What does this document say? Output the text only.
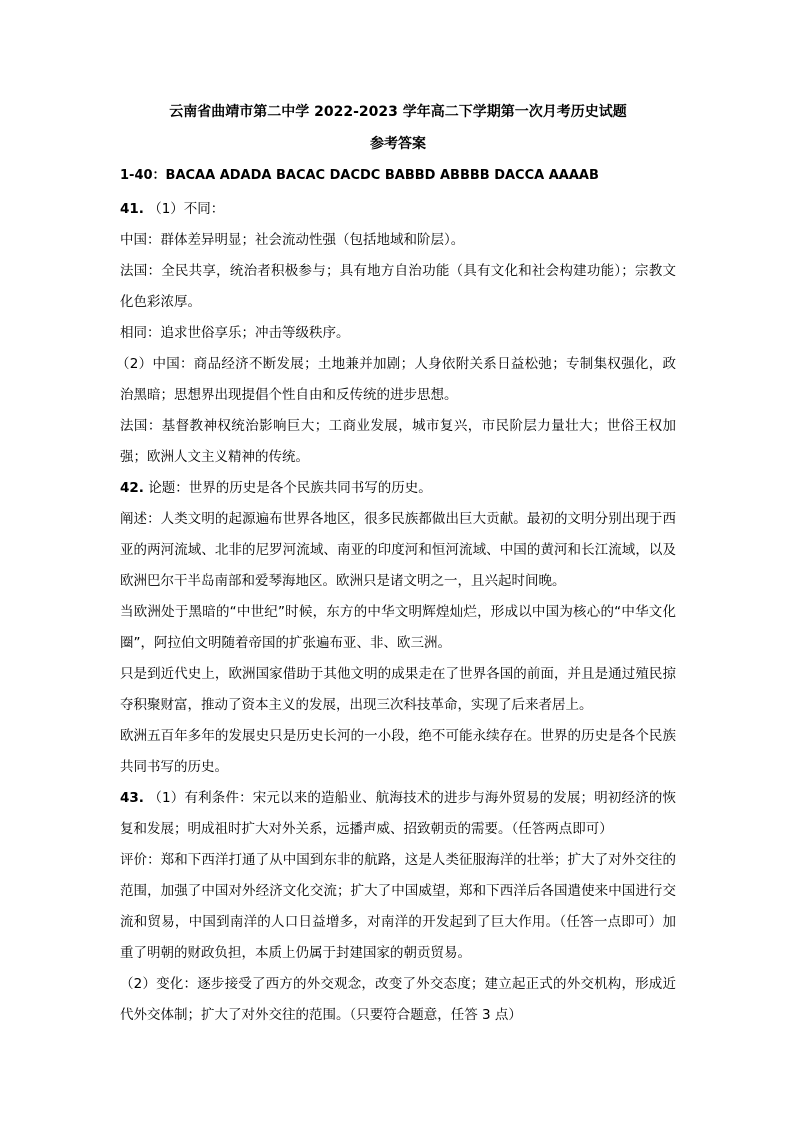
云南省曲靖市第二中学 2022-2023 学年高二下学期第一次月考历史试题
参考答案
1-40：BACAA ADADA BACAC DACDC BABBD ABBBB DACCA AAAAB
41. （1）不同：
中国：群体差异明显；社会流动性强（包括地域和阶层）。
法国：全民共享，统治者积极参与；具有地方自治功能（具有文化和社会构建功能）；宗教文化色彩浓厚。
相同：追求世俗享乐；冲击等级秩序。
（2）中国：商品经济不断发展；土地兼并加剧；人身依附关系日益松弛；专制集权强化，政治黑暗；思想界出现提倡个性自由和反传统的进步思想。
法国：基督教神权统治影响巨大；工商业发展，城市复兴，市民阶层力量壮大；世俗王权加强；欧洲人文主义精神的传统。
42. 论题：世界的历史是各个民族共同书写的历史。
阐述：人类文明的起源遍布世界各地区，很多民族都做出巨大贡献。最初的文明分别出现于西亚的两河流域、北非的尼罗河流域、南亚的印度河和恒河流域、中国的黄河和长江流域，以及欧洲巴尔干半岛南部和爱琴海地区。欧洲只是诸文明之一，且兴起时间晚。
当欧洲处于黑暗的“中世纪”时候，东方的中华文明辉煌灿烂，形成以中国为核心的“中华文化圈”，阿拉伯文明随着帝国的扩张遍布亚、非、欧三洲。
只是到近代史上，欧洲国家借助于其他文明的成果走在了世界各国的前面，并且是通过殖民掠夺积聚财富，推动了资本主义的发展，出现三次科技革命，实现了后来者居上。
欧洲五百年多年的发展史只是历史长河的一小段，绝不可能永续存在。世界的历史是各个民族共同书写的历史。
43. （1）有利条件：宋元以来的造船业、航海技术的进步与海外贸易的发展；明初经济的恢复和发展；明成祖时扩大对外关系，远播声威、招致朝贡的需要。（任答两点即可）
评价：郑和下西洋打通了从中国到东非的航路，这是人类征服海洋的壮举；扩大了对外交往的范围，加强了中国对外经济文化交流；扩大了中国威望，郑和下西洋后各国遣使来中国进行交流和贸易，中国到南洋的人口日益增多，对南洋的开发起到了巨大作用。（任答一点即可）加重了明朝的财政负担，本质上仍属于封建国家的朝贡贸易。
（2）变化：逐步接受了西方的外交观念，改变了外交态度；建立起正式的外交机构，形成近代外交体制；扩大了对外交往的范围。（只要符合题意，任答 3 点）
